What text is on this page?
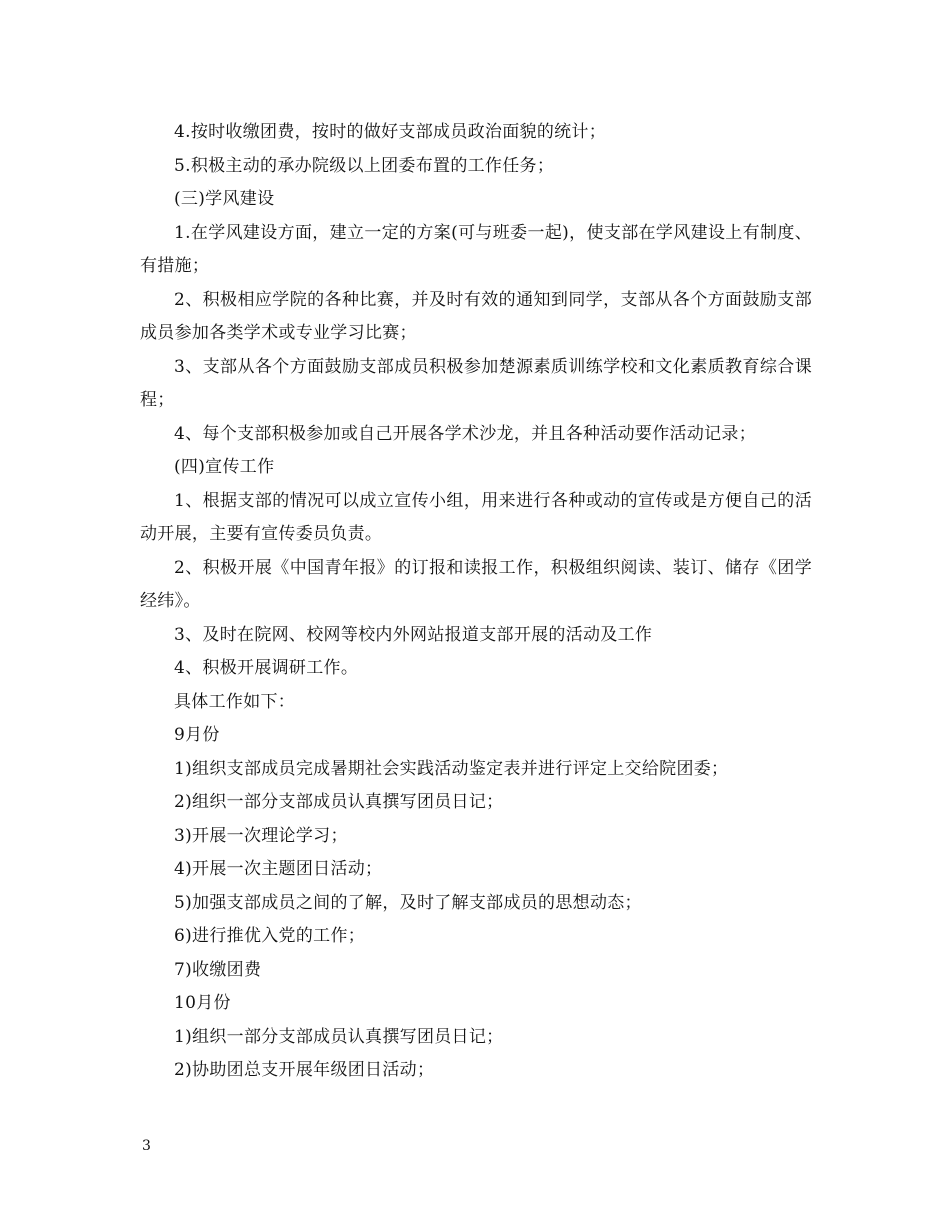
4.按时收缴团费，按时的做好支部成员政治面貌的统计；

5.积极主动的承办院级以上团委布置的工作任务；

(三)学风建设

1.在学风建设方面，建立一定的方案(可与班委一起)，使支部在学风建设上有制度、有措施；

2、积极相应学院的各种比赛，并及时有效的通知到同学，支部从各个方面鼓励支部成员参加各类学术或专业学习比赛；

3、支部从各个方面鼓励支部成员积极参加楚源素质训练学校和文化素质教育综合课程；

4、每个支部积极参加或自己开展各学术沙龙，并且各种活动要作活动记录；

(四)宣传工作

1、根据支部的情况可以成立宣传小组，用来进行各种或动的宣传或是方便自己的活动开展，主要有宣传委员负责。

2、积极开展《中国青年报》的订报和读报工作，积极组织阅读、装订、储存《团学经纬》。

3、及时在院网、校网等校内外网站报道支部开展的活动及工作

4、积极开展调研工作。

具体工作如下：

9月份

1)组织支部成员完成暑期社会实践活动鉴定表并进行评定上交给院团委；

2)组织一部分支部成员认真撰写团员日记；

3)开展一次理论学习；

4)开展一次主题团日活动；

5)加强支部成员之间的了解，及时了解支部成员的思想动态；

6)进行推优入党的工作；

7)收缴团费

10月份

1)组织一部分支部成员认真撰写团员日记；

2)协助团总支开展年级团日活动；

3
